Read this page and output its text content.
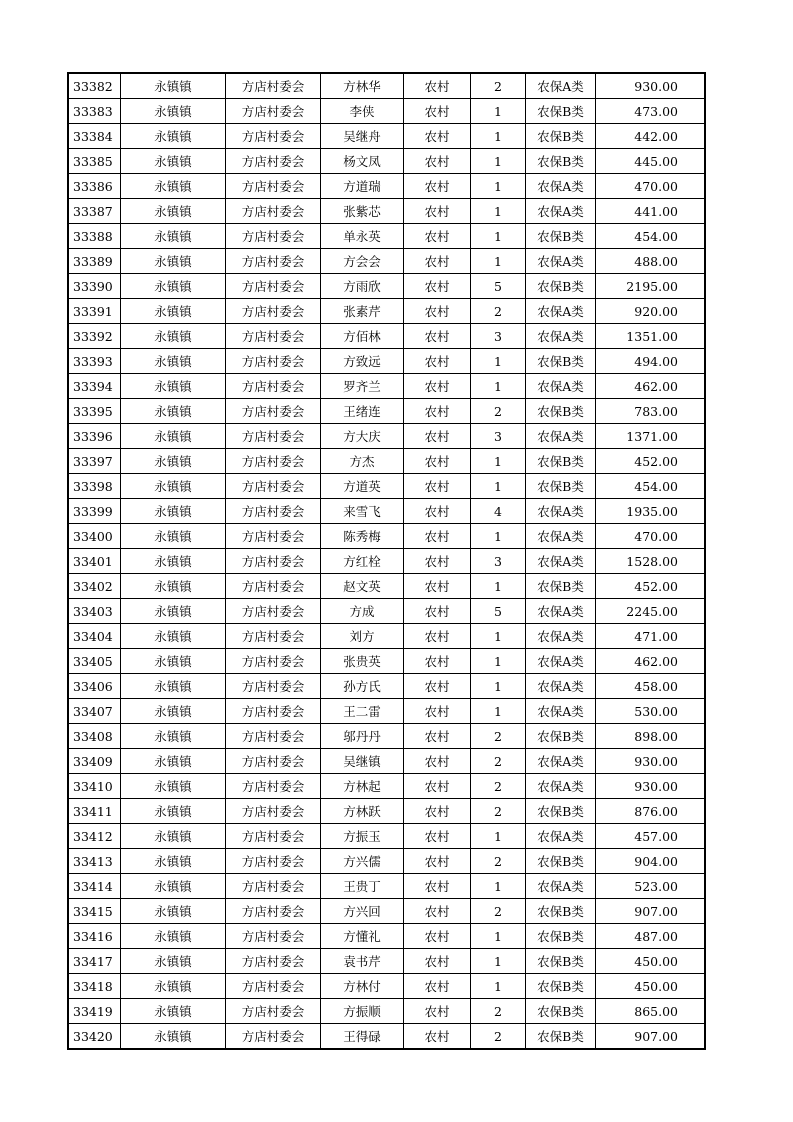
33382	永镇镇	方店村委会	方林华	农村	2	农保A类	930.00
33383	永镇镇	方店村委会	李侠	农村	1	农保B类	473.00
33384	永镇镇	方店村委会	吴继舟	农村	1	农保B类	442.00
33385	永镇镇	方店村委会	杨文凤	农村	1	农保B类	445.00
33386	永镇镇	方店村委会	方道瑞	农村	1	农保A类	470.00
33387	永镇镇	方店村委会	张紫芯	农村	1	农保A类	441.00
33388	永镇镇	方店村委会	单永英	农村	1	农保B类	454.00
33389	永镇镇	方店村委会	方会会	农村	1	农保A类	488.00
33390	永镇镇	方店村委会	方雨欣	农村	5	农保B类	2195.00
33391	永镇镇	方店村委会	张素芹	农村	2	农保A类	920.00
33392	永镇镇	方店村委会	方佰林	农村	3	农保A类	1351.00
33393	永镇镇	方店村委会	方致远	农村	1	农保B类	494.00
33394	永镇镇	方店村委会	罗齐兰	农村	1	农保A类	462.00
33395	永镇镇	方店村委会	王绪连	农村	2	农保B类	783.00
33396	永镇镇	方店村委会	方大庆	农村	3	农保A类	1371.00
33397	永镇镇	方店村委会	方杰	农村	1	农保B类	452.00
33398	永镇镇	方店村委会	方道英	农村	1	农保B类	454.00
33399	永镇镇	方店村委会	来雪飞	农村	4	农保A类	1935.00
33400	永镇镇	方店村委会	陈秀梅	农村	1	农保A类	470.00
33401	永镇镇	方店村委会	方红栓	农村	3	农保A类	1528.00
33402	永镇镇	方店村委会	赵文英	农村	1	农保B类	452.00
33403	永镇镇	方店村委会	方成	农村	5	农保A类	2245.00
33404	永镇镇	方店村委会	刘方	农村	1	农保A类	471.00
33405	永镇镇	方店村委会	张贵英	农村	1	农保A类	462.00
33406	永镇镇	方店村委会	孙方氏	农村	1	农保A类	458.00
33407	永镇镇	方店村委会	王二雷	农村	1	农保A类	530.00
33408	永镇镇	方店村委会	邬丹丹	农村	2	农保B类	898.00
33409	永镇镇	方店村委会	吴继镇	农村	2	农保A类	930.00
33410	永镇镇	方店村委会	方林起	农村	2	农保A类	930.00
33411	永镇镇	方店村委会	方林跃	农村	2	农保B类	876.00
33412	永镇镇	方店村委会	方振玉	农村	1	农保A类	457.00
33413	永镇镇	方店村委会	方兴儒	农村	2	农保B类	904.00
33414	永镇镇	方店村委会	王贵丁	农村	1	农保A类	523.00
33415	永镇镇	方店村委会	方兴回	农村	2	农保B类	907.00
33416	永镇镇	方店村委会	方懂礼	农村	1	农保B类	487.00
33417	永镇镇	方店村委会	袁书芹	农村	1	农保B类	450.00
33418	永镇镇	方店村委会	方林付	农村	1	农保B类	450.00
33419	永镇镇	方店村委会	方振顺	农村	2	农保B类	865.00
33420	永镇镇	方店村委会	王得碌	农村	2	农保B类	907.00
